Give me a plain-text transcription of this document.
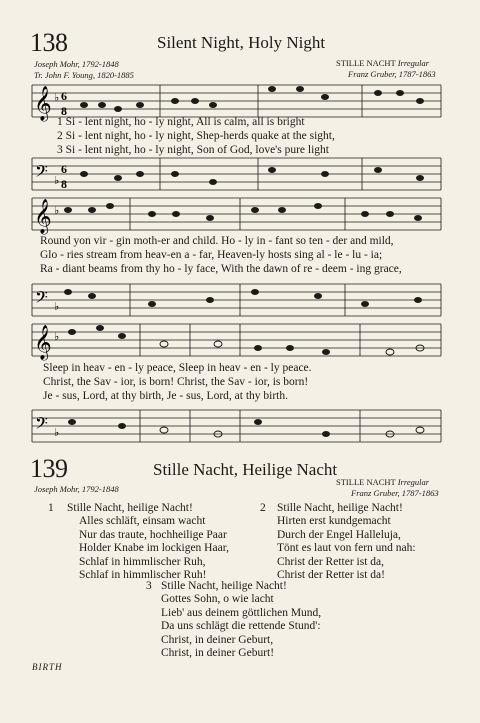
138	Silent Night, Holy Night
Joseph Mohr, 1792-1848
Tr. John F. Young, 1820-1885
STILLE NACHT Irregular
Franz Gruber, 1787-1863
𝄞 ♭ 6
8
1 Si - lent night, ho - ly night, All is calm, all is bright
2 Si - lent night, ho - ly night, Shep-herds quake at the sight,
3 Si - lent night, ho - ly night, Son of God, love's pure light
𝄢 ♭
6
8
𝄞 ♭
Round yon vir - gin moth-er and child. Ho - ly in - fant so ten - der and mild,
Glo - ries stream from heav-en a - far, Heaven-ly hosts sing al - le - lu - ia;
Ra - diant beams from thy ho - ly face, With the dawn of re - deem - ing grace,
𝄢 ♭
𝄞 ♭
Sleep in heav - en - ly peace, Sleep in heav - en - ly peace.
Christ, the Sav - ior, is born! Christ, the Sav - ior, is born!
Je - sus, Lord, at thy birth, Je - sus, Lord, at thy birth.
𝄢 ♭
139	Stille Nacht, Heilige Nacht
Joseph Mohr, 1792-1848
STILLE NACHT Irregular
Franz Gruber, 1787-1863
1 Stille Nacht, heilige Nacht!
Alles schläft, einsam wacht
Nur das traute, hochheilige Paar
Holder Knabe im lockigen Haar,
Schlaf in himmlischer Ruh,
Schlaf in himmlischer Ruh!
2 Stille Nacht, heilige Nacht!
Hirten erst kundgemacht
Durch der Engel Halleluja,
Tönt es laut von fern und nah:
Christ der Retter ist da,
Christ der Retter ist da!
3 Stille Nacht, heilige Nacht!
Gottes Sohn, o wie lacht
Lieb' aus deinem göttlichen Mund,
Da uns schlägt die rettende Stund':
Christ, in deiner Geburt,
Christ, in deiner Geburt!
BIRTH
